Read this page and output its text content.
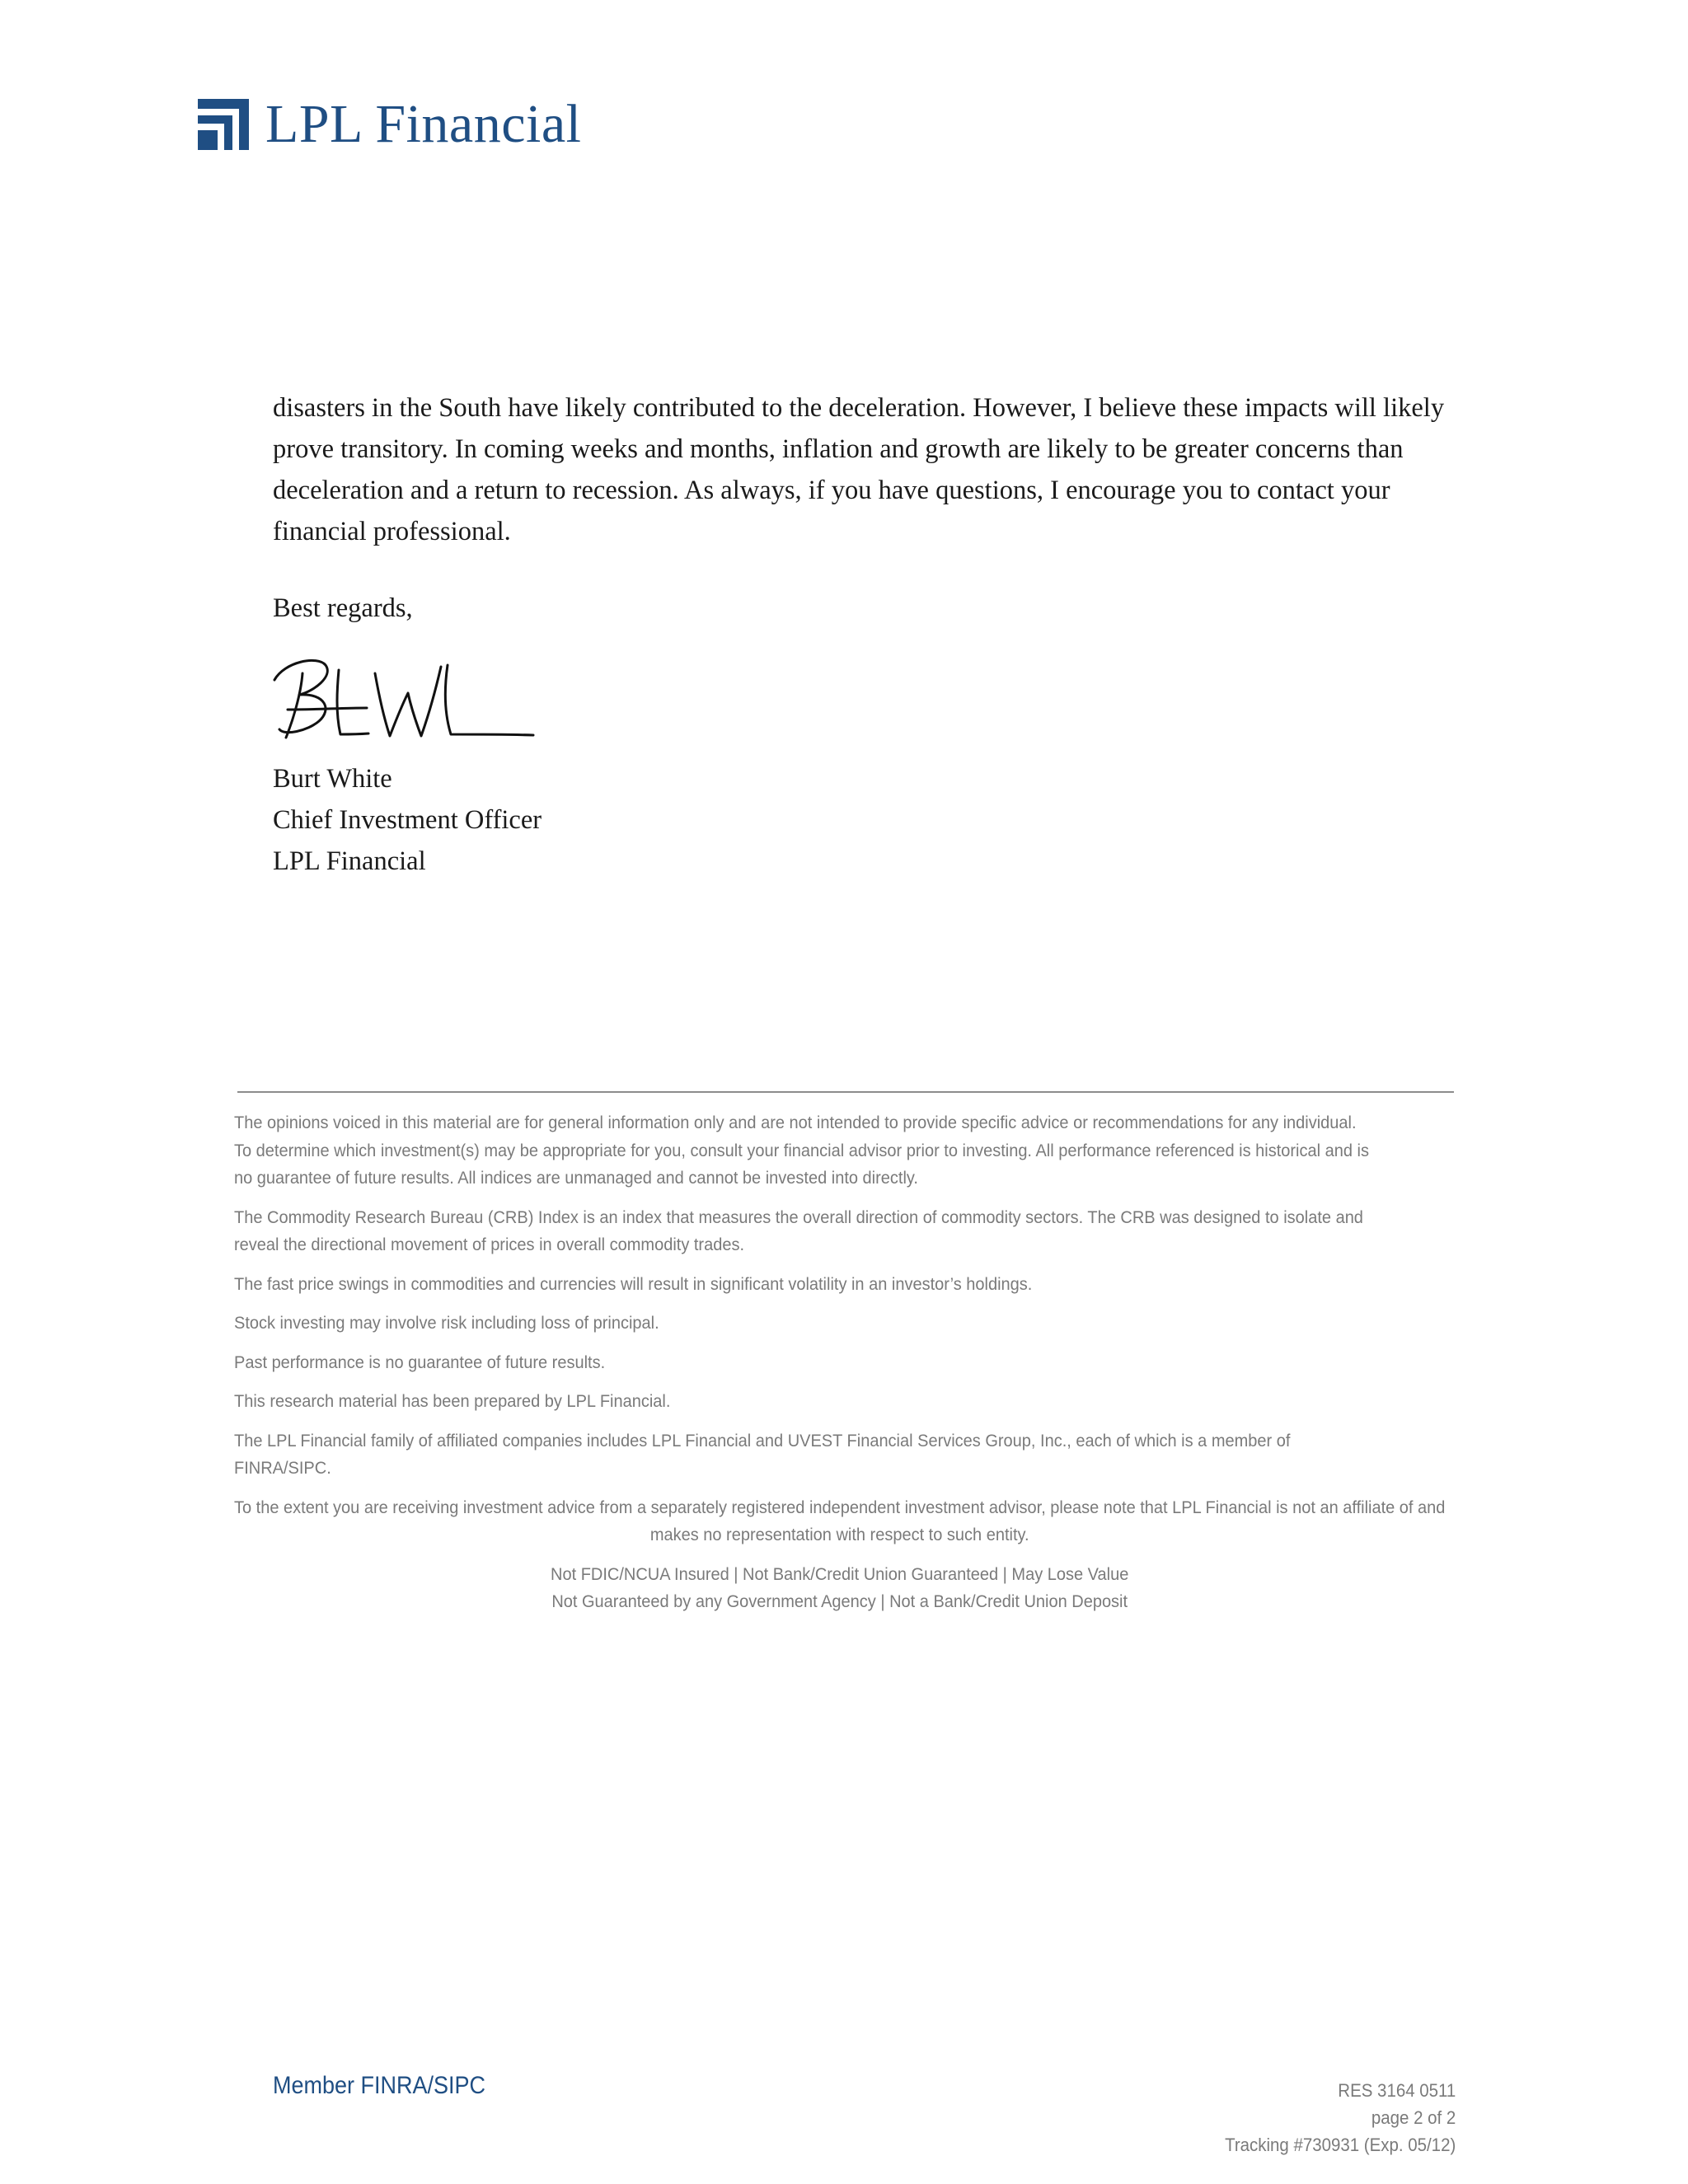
LPL Financial

disasters in the South have likely contributed to the deceleration. However, I believe these impacts will likely prove transitory. In coming weeks and months, inflation and growth are likely to be greater concerns than deceleration and a return to recession. As always, if you have questions, I encourage you to contact your financial professional.

Best regards,
Burt White
Chief Investment Officer
LPL Financial

The opinions voiced in this material are for general information only and are not intended to provide specific advice or recommendations for any individual. To determine which investment(s) may be appropriate for you, consult your financial advisor prior to investing. All performance referenced is historical and is no guarantee of future results. All indices are unmanaged and cannot be invested into directly.

The Commodity Research Bureau (CRB) Index is an index that measures the overall direction of commodity sectors. The CRB was designed to isolate and reveal the directional movement of prices in overall commodity trades.

The fast price swings in commodities and currencies will result in significant volatility in an investor’s holdings.

Stock investing may involve risk including loss of principal.

Past performance is no guarantee of future results.

This research material has been prepared by LPL Financial.

The LPL Financial family of affiliated companies includes LPL Financial and UVEST Financial Services Group, Inc., each of which is a member of FINRA/SIPC.

To the extent you are receiving investment advice from a separately registered independent investment advisor, please note that LPL Financial is not an affiliate of and makes no representation with respect to such entity.

Not FDIC/NCUA Insured | Not Bank/Credit Union Guaranteed | May Lose Value

Not Guaranteed by any Government Agency | Not a Bank/Credit Union Deposit

Member FINRA/SIPC	RES 3164 0511
page 2 of 2
Tracking #730931 (Exp. 05/12)
